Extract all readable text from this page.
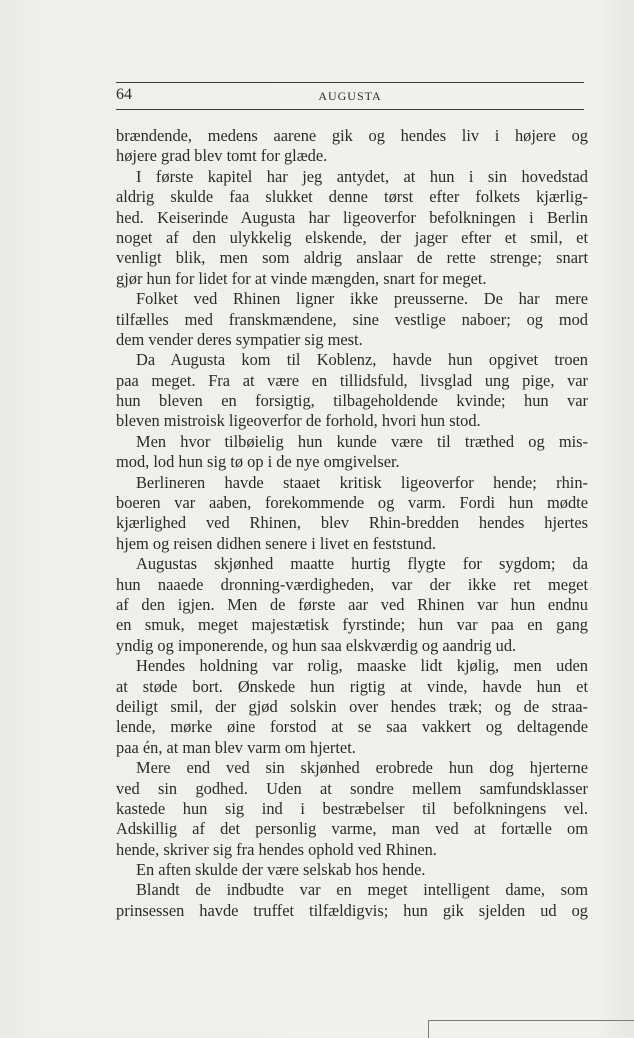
64	AUGUSTA
brændende, medens aarene gik og hendes liv i højere og
højere grad blev tomt for glæde.
I første kapitel har jeg antydet, at hun i sin hovedstad
aldrig skulde faa slukket denne tørst efter folkets kjærlig-
hed. Keiserinde Augusta har ligeoverfor befolkningen i Berlin
noget af den ulykkelig elskende, der jager efter et smil, et
venligt blik, men som aldrig anslaar de rette strenge; snart
gjør hun for lidet for at vinde mængden, snart for meget.
Folket ved Rhinen ligner ikke preusserne. De har mere
tilfælles med franskmændene, sine vestlige naboer; og mod
dem vender deres sympatier sig mest.
Da Augusta kom til Koblenz, havde hun opgivet troen
paa meget. Fra at være en tillidsfuld, livsglad ung pige, var
hun bleven en forsigtig, tilbageholdende kvinde; hun var
bleven mistroisk ligeoverfor de forhold, hvori hun stod.
Men hvor tilbøielig hun kunde være til træthed og mis-
mod, lod hun sig tø op i de nye omgivelser.
Berlineren havde staaet kritisk ligeoverfor hende; rhin-
boeren var aaben, forekommende og varm. Fordi hun mødte
kjærlighed ved Rhinen, blev Rhin-bredden hendes hjertes
hjem og reisen didhen senere i livet en feststund.
Augustas skjønhed maatte hurtig flygte for sygdom; da
hun naaede dronning-værdigheden, var der ikke ret meget
af den igjen. Men de første aar ved Rhinen var hun endnu
en smuk, meget majestætisk fyrstinde; hun var paa en gang
yndig og imponerende, og hun saa elskværdig og aandrig ud.
Hendes holdning var rolig, maaske lidt kjølig, men uden
at støde bort. Ønskede hun rigtig at vinde, havde hun et
deiligt smil, der gjød solskin over hendes træk; og de straa-
lende, mørke øine forstod at se saa vakkert og deltagende
paa én, at man blev varm om hjertet.
Mere end ved sin skjønhed erobrede hun dog hjerterne
ved sin godhed. Uden at sondre mellem samfundsklasser
kastede hun sig ind i bestræbelser til befolkningens vel.
Adskillig af det personlig varme, man ved at fortælle om
hende, skriver sig fra hendes ophold ved Rhinen.
En aften skulde der være selskab hos hende.
Blandt de indbudte var en meget intelligent dame, som
prinsessen havde truffet tilfældigvis; hun gik sjelden ud og
